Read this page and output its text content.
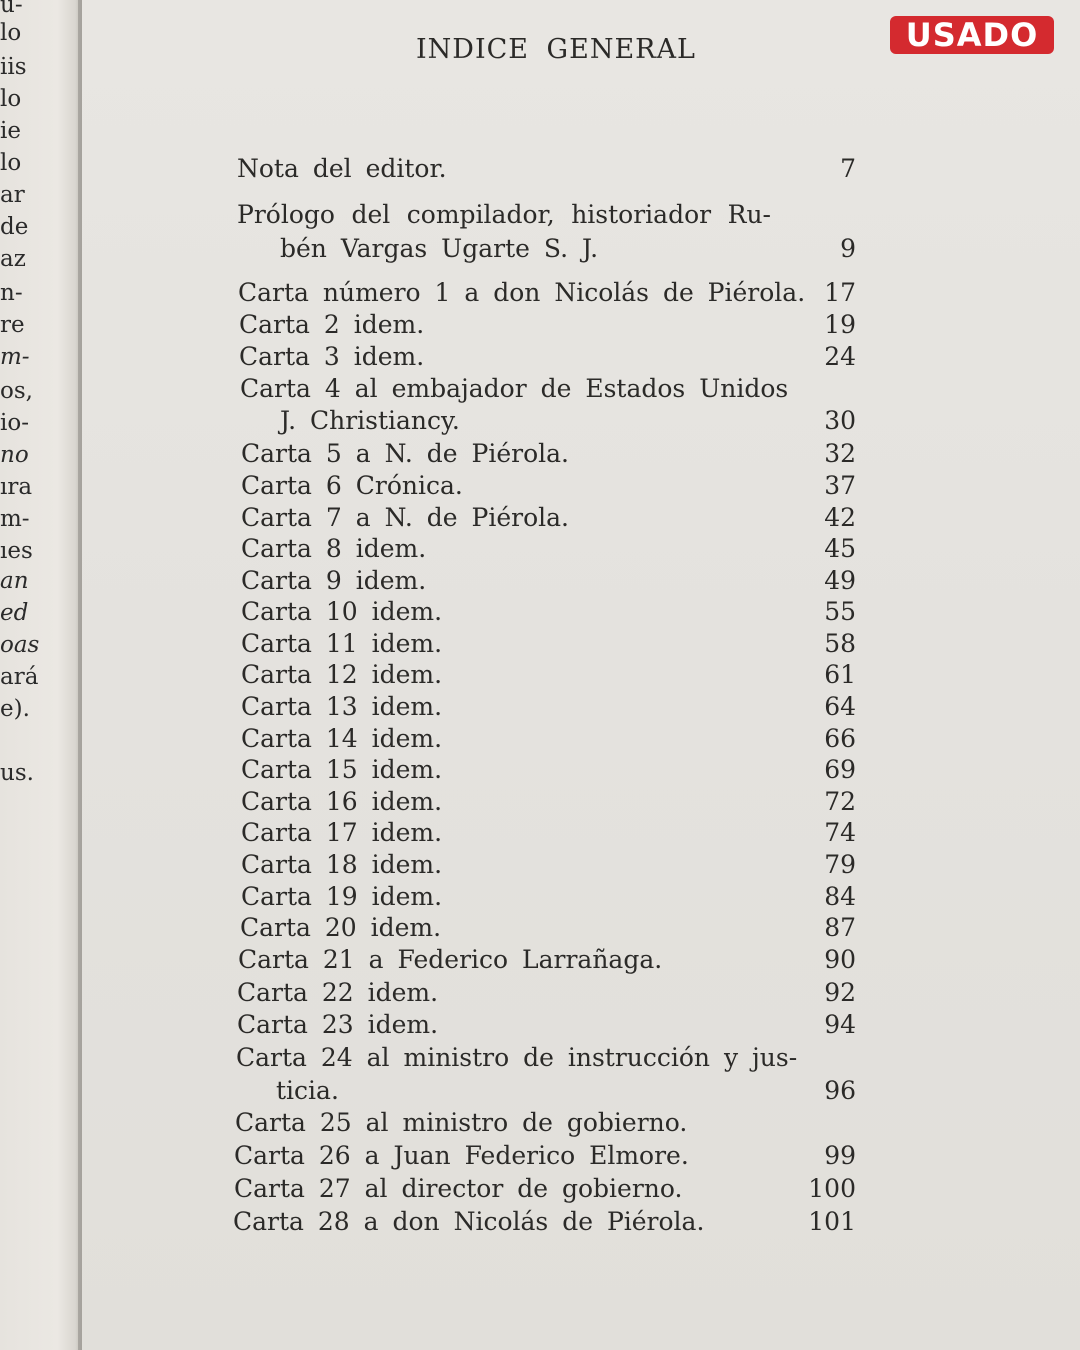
u-
lo
iis
lo
ie
lo
ar
de
az
n-
re
m-
os,
io-
no
ıra
m-
ıes
an
ed
oas
ará
e).
us.
USADO
INDICE GENERAL
Nota del editor.	7
Prólogo del compilador, historiador Ru-
bén Vargas Ugarte S. J.	9
Carta número 1 a don Nicolás de Piérola. 17
Carta 2 idem.	19
Carta 3 idem.	24
Carta 4 al embajador de Estados Unidos
J. Christiancy.	30
Carta 5 a N. de Piérola.	32
Carta 6 Crónica.	37
Carta 7 a N. de Piérola.	42
Carta 8 idem.	45
Carta 9 idem.	49
Carta 10 idem.	55
Carta 11 idem.	58
Carta 12 idem.	61
Carta 13 idem.	64
Carta 14 idem.	66
Carta 15 idem.	69
Carta 16 idem.	72
Carta 17 idem.	74
Carta 18 idem.	79
Carta 19 idem.	84
Carta 20 idem.	87
Carta 21 a Federico Larrañaga.	90
Carta 22 idem.	92
Carta 23 idem.	94
Carta 24 al ministro de instrucción y jus-
ticia.	96
Carta 25 al ministro de gobierno.
Carta 26 a Juan Federico Elmore.	99
Carta 27 al director de gobierno.	100
Carta 28 a don Nicolás de Piérola.	101
